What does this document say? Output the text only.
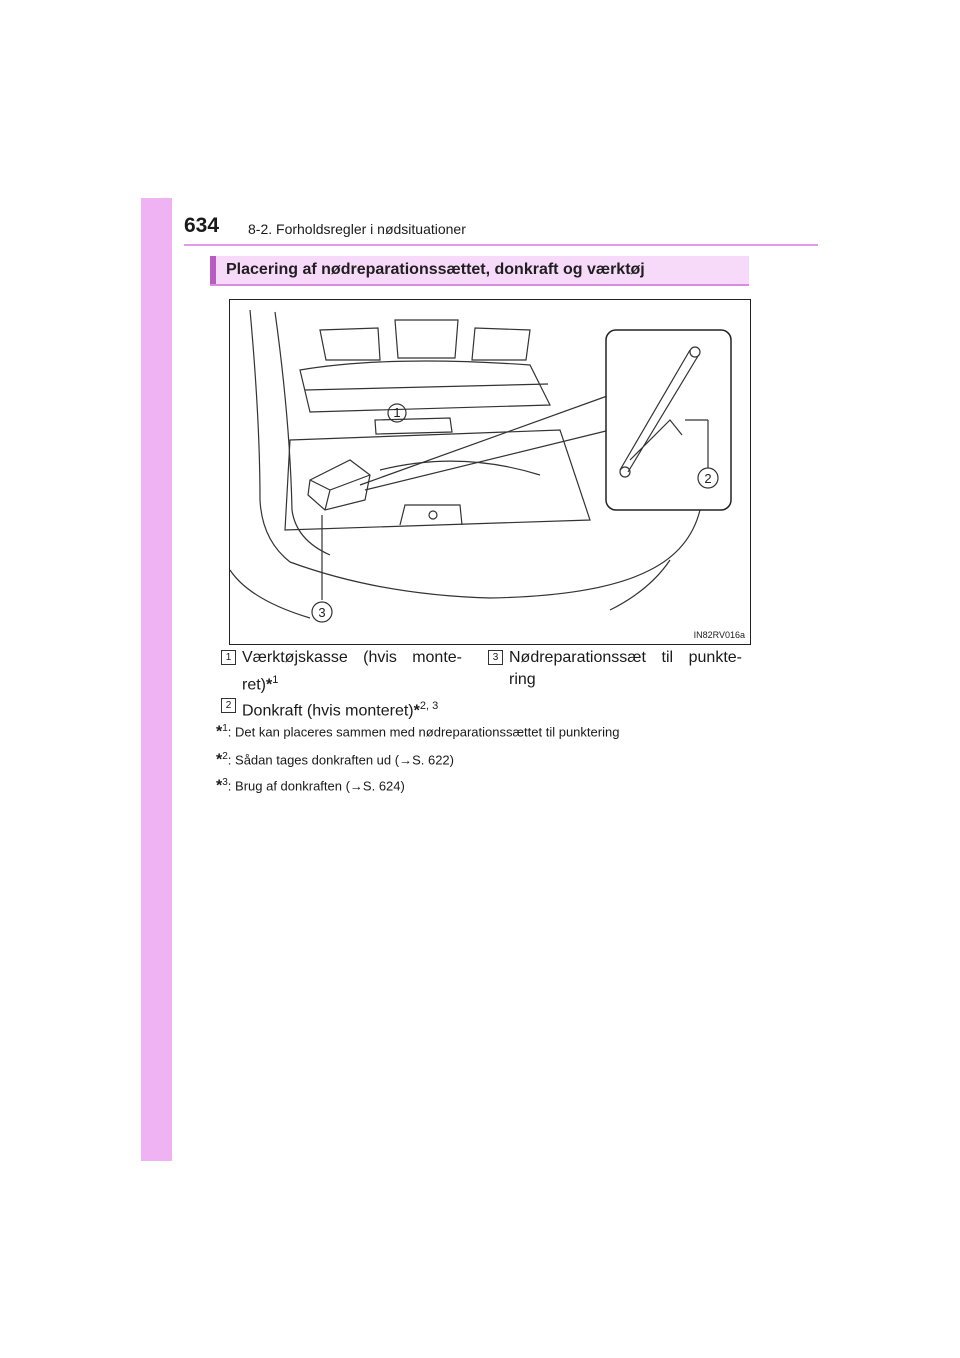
634 8-2. Forholdsregler i nødsituationer
Placering af nødreparationssættet, donkraft og værktøj
1
2
3
IN82RV016a
1 Værktøjskasse (hvis monte-
ret)*$^1$
3 Nødreparationssæt til punkte-
ring
2 Donkraft (hvis monteret)*$^{2, 3}$
*$^1$: Det kan placeres sammen med nødreparationssættet til punktering
*$^2$: Sådan tages donkraften ud (→S. 622)
*$^3$: Brug af donkraften (→S. 624)
